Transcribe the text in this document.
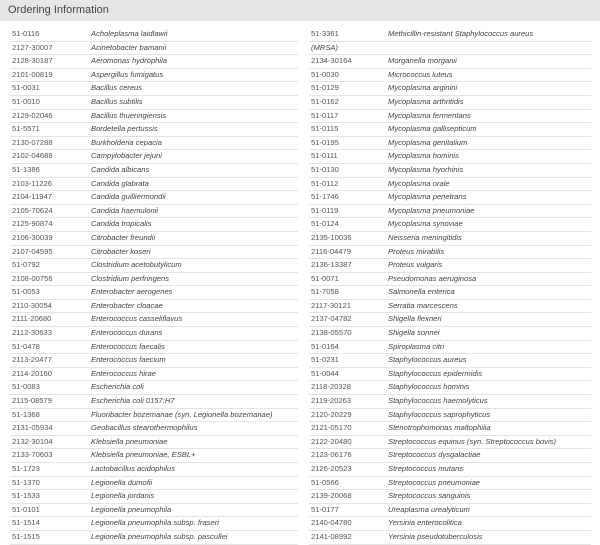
Ordering Information
51-0116	Acholeplasma laidlawii
2127-30007	Acinetobacter bamanii
2128-30187	Aeromonas hydrophila
2101-00819	Aspergillus fumigatus
51-0031	Bacillus cereus
51-0010	Bacillus subtilis
2129-02046	Bacillus thueringiensis
51-5571	Bordetella pertussis
2130-07288	Burkholderia cepacia
2102-04688	Campylobacter jejuni
51-1386	Candida albicans
2103-11226	Candida glabrata
2104-11947	Candida guilliermondii
2105-70624	Candida haemulonii
2125-90874	Candida tropicalis
2106-30039	Citrobacter freundii
2107-04595	Citrobacter koseri
51-0792	Clostridium acetobutylicum
2108-00756	Clostridium perfringens
51-0053	Enterobacter aerogenes
2110-30054	Enterobacter cloacae
2111-20680	Enterococcus casseliflavus
2112-30633	Enterococcus durans
51-0478	Enterococcus faecalis
2113-20477	Enterococcus faecium
2114-20160	Enterococcus hirae
51-0083	Escherichia coli
2115-08579	Escherichia coli 0157:H7
51-1368	Fluoribacter bozemanae (syn. Legionella bozemanae)
2131-05934	Geobacillus stearothermophilus
2132-30104	Klebsiella pneumoniae
2133-70603	Klebsiella pneumoniae, ESBL+
51-1723	Lactobacillus acidophilus
51-1370	Legionella dumofii
51-1533	Legionella jordanis
51-0101	Legionella pneumophila
51-1514	Legionella pneumophila subsp. fraseri
51-1515	Legionella pneumophila subsp. pascullei
51-3361	Methicillin-resistant Staphylococcus aureus
(MRSA)
2134-30164	Morganella morganii
51-0030	Micrococcus luteus
51-0129	Mycoplasma arginini
51-0162	Mycoplasma arthritidis
51-0117	Mycoplasma fermentans
51-0115	Mycoplasma gallisepticum
51-0195	Mycoplasma genitalium
51-0111	Mycoplasma hominis
51-0130	Mycoplasma hyorhinis
51-0112	Mycoplasma orale
51-1746	Mycoplasma penetrans
51-0119	Mycoplasma pneumoniae
51-0124	Mycoplasma synoviae
2135-10036	Neisseria meningitidis
2116-04479	Proteus mirabilis
2136-13387	Proteus vulgaris
51-0071	Pseudomonas aeruginosa
51-7058	Salmonella enterica
2117-30121	Serratia marcescens
2137-04782	Shigella flexneri
2138-05570	Shigella sonnei
51-0164	Spiroplasma citri
51-0231	Staphylococcus aureus
51-0044	Staphylococcus epidermidis
2118-20328	Staphylococcus hominis
2119-20263	Staphylococcus haemolyticus
2120-20229	Staphylococcus saprophyticus
2121-05170	Stenotrophomonas maltophilia
2122-20480	Streptococcus equinus (syn. Streptococcus bovis)
2123-06176	Streptococcus dysgalactiae
2126-20523	Streptococcus mutans
51-0566	Streptococcus pneumoniae
2139-20068	Streptococcus sanguinis
51-0177	Ureaplasma urealyticum
2140-04780	Yersinia enterocolitica
2141-08992	Yersinia pseudotuberculosis
